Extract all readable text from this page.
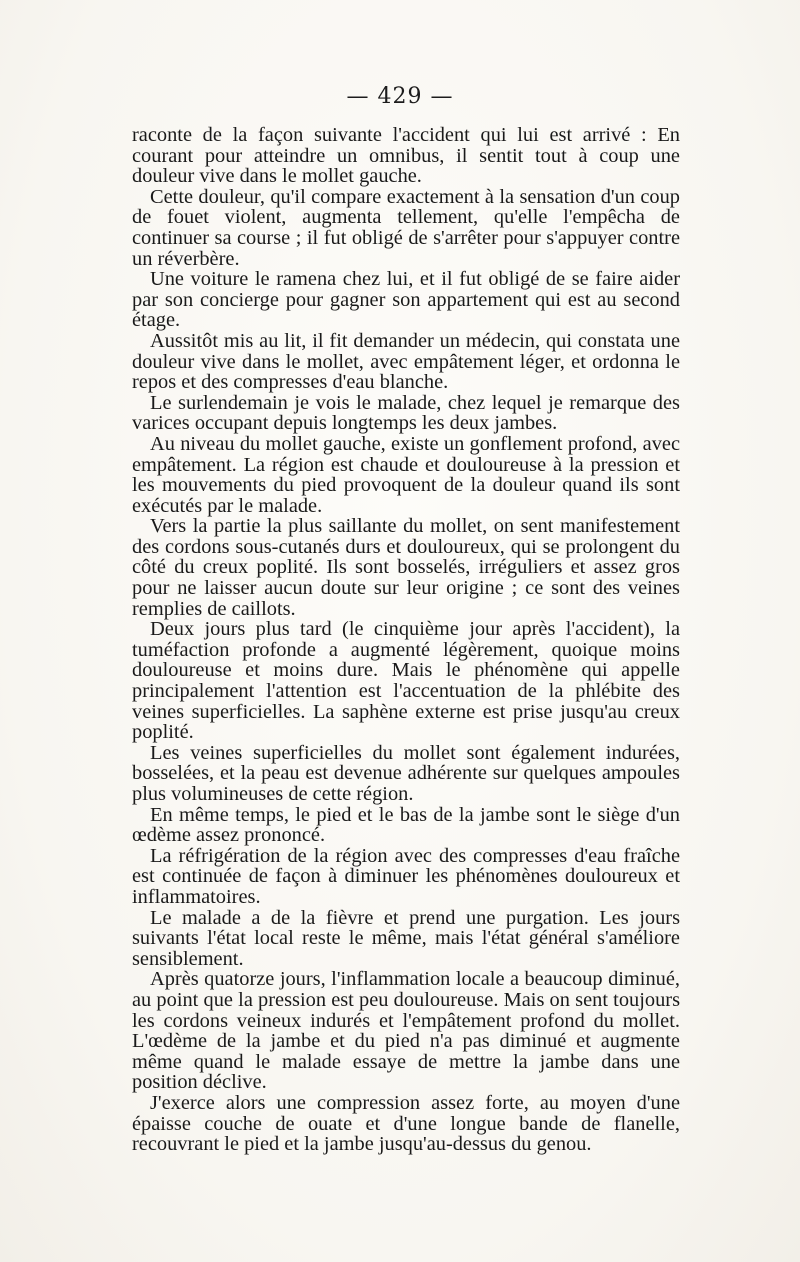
— 429 —

raconte de la façon suivante l'accident qui lui est arrivé : En courant pour atteindre un omnibus, il sentit tout à coup une douleur vive dans le mollet gauche.

Cette douleur, qu'il compare exactement à la sensation d'un coup de fouet violent, augmenta tellement, qu'elle l'empêcha de continuer sa course ; il fut obligé de s'arrêter pour s'appuyer contre un réverbère.

Une voiture le ramena chez lui, et il fut obligé de se faire aider par son concierge pour gagner son appartement qui est au second étage.

Aussitôt mis au lit, il fit demander un médecin, qui constata une douleur vive dans le mollet, avec empâtement léger, et ordonna le repos et des compresses d'eau blanche.

Le surlendemain je vois le malade, chez lequel je remarque des varices occupant depuis longtemps les deux jambes.

Au niveau du mollet gauche, existe un gonflement profond, avec empâtement. La région est chaude et douloureuse à la pression et les mouvements du pied provoquent de la douleur quand ils sont exécutés par le malade.

Vers la partie la plus saillante du mollet, on sent manifestement des cordons sous-cutanés durs et douloureux, qui se prolongent du côté du creux poplité. Ils sont bosselés, irréguliers et assez gros pour ne laisser aucun doute sur leur origine ; ce sont des veines remplies de caillots.

Deux jours plus tard (le cinquième jour après l'accident), la tuméfaction profonde a augmenté légèrement, quoique moins douloureuse et moins dure. Mais le phénomène qui appelle principalement l'attention est l'accentuation de la phlébite des veines superficielles. La saphène externe est prise jusqu'au creux poplité.

Les veines superficielles du mollet sont également indurées, bosselées, et la peau est devenue adhérente sur quelques ampoules plus volumineuses de cette région.

En même temps, le pied et le bas de la jambe sont le siège d'un œdème assez prononcé.

La réfrigération de la région avec des compresses d'eau fraîche est continuée de façon à diminuer les phénomènes douloureux et inflammatoires.

Le malade a de la fièvre et prend une purgation. Les jours suivants l'état local reste le même, mais l'état général s'améliore sensiblement.

Après quatorze jours, l'inflammation locale a beaucoup diminué, au point que la pression est peu douloureuse. Mais on sent toujours les cordons veineux indurés et l'empâtement profond du mollet. L'œdème de la jambe et du pied n'a pas diminué et augmente même quand le malade essaye de mettre la jambe dans une position déclive.

J'exerce alors une compression assez forte, au moyen d'une épaisse couche de ouate et d'une longue bande de flanelle, recouvrant le pied et la jambe jusqu'au-dessus du genou.
